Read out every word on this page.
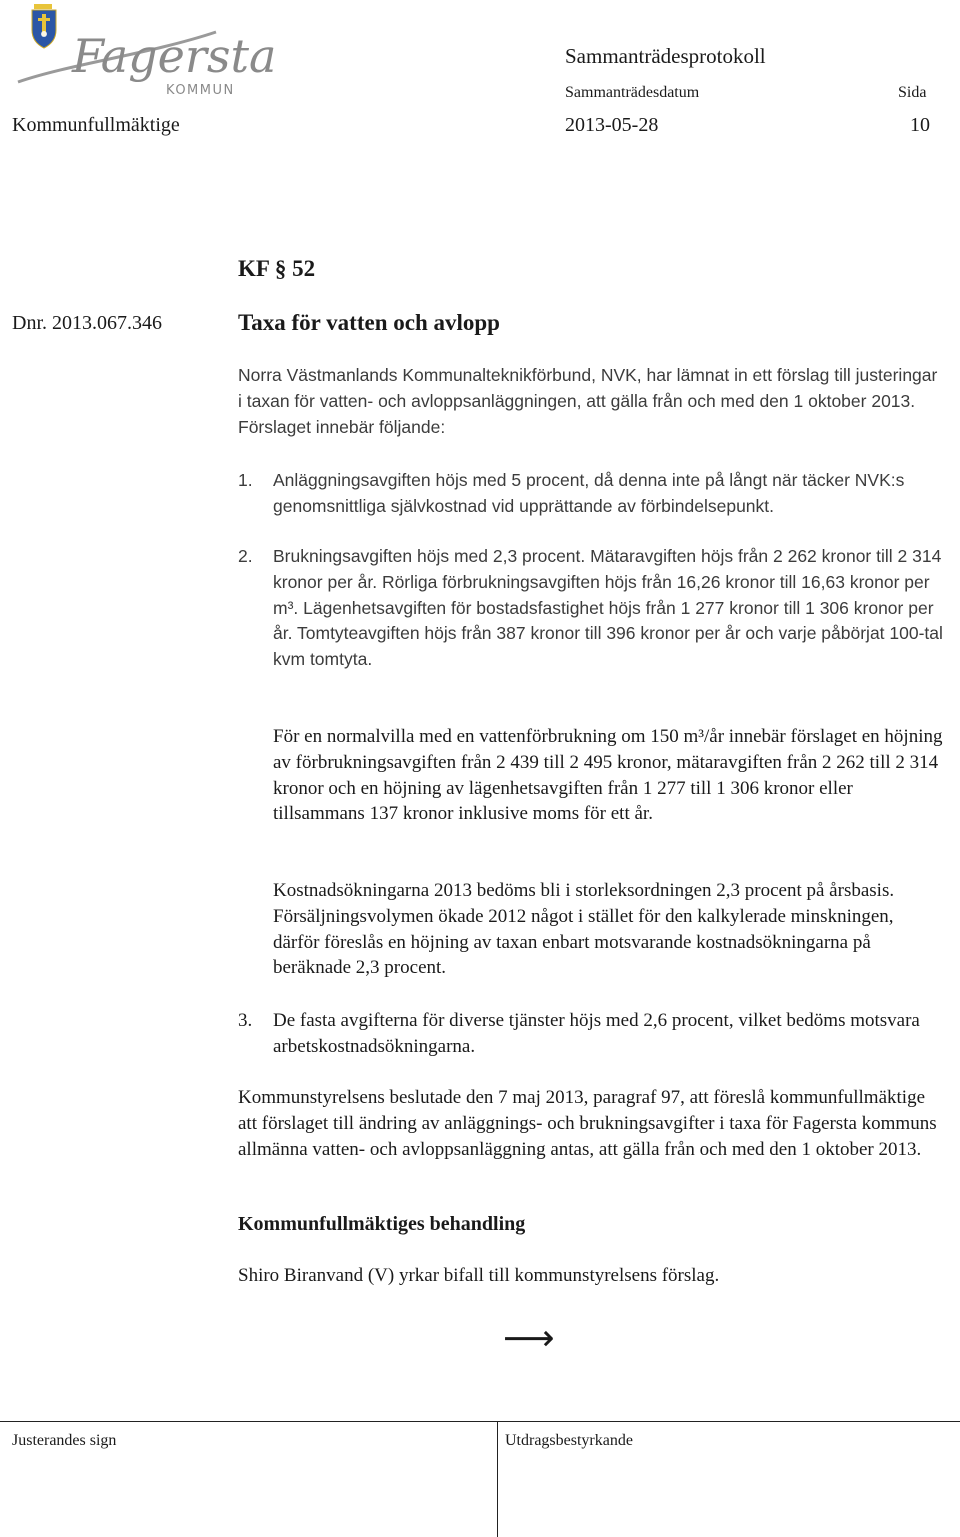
Fagersta
KOMMUN
Sammanträdesprotokoll
Sammanträdesdatum	Sida
Kommunfullmäktige	2013-05-28	10
KF § 52
Dnr. 2013.067.346	Taxa för vatten och avlopp
Norra Västmanlands Kommunalteknikförbund, NVK, har lämnat in ett förslag till justeringar i taxan för vatten- och avloppsanläggningen, att gälla från och med den 1 oktober 2013. Förslaget innebär följande:
1. Anläggningsavgiften höjs med 5 procent, då denna inte på långt när täcker NVK:s genomsnittliga självkostnad vid upprättande av förbindelsepunkt.
2. Brukningsavgiften höjs med 2,3 procent. Mätaravgiften höjs från 2 262 kronor till 2 314 kronor per år. Rörliga förbrukningsavgiften höjs från 16,26 kronor till 16,63 kronor per m³. Lägenhetsavgiften för bostadsfastighet höjs från 1 277 kronor till 1 306 kronor per år. Tomtyteavgiften höjs från 387 kronor till 396 kronor per år och varje påbörjat 100-tal kvm tomtyta.
För en normalvilla med en vattenförbrukning om 150 m³/år innebär förslaget en höjning av förbrukningsavgiften från 2 439 till 2 495 kronor, mätaravgiften från 2 262 till 2 314 kronor och en höjning av lägenhetsavgiften från 1 277 till 1 306 kronor eller tillsammans 137 kronor inklusive moms för ett år.
Kostnadsökningarna 2013 bedöms bli i storleksordningen 2,3 procent på årsbasis. Försäljningsvolymen ökade 2012 något i stället för den kalkylerade minskningen, därför föreslås en höjning av taxan enbart motsvarande kostnadsökningarna på beräknade 2,3 procent.
3. De fasta avgifterna för diverse tjänster höjs med 2,6 procent, vilket bedöms motsvara arbetskostnadsökningarna.
Kommunstyrelsens beslutade den 7 maj 2013, paragraf 97, att föreslå kommunfullmäktige att förslaget till ändring av anläggnings- och brukningsavgifter i taxa för Fagersta kommuns allmänna vatten- och avloppsanläggning antas, att gälla från och med den 1 oktober 2013.
Kommunfullmäktiges behandling
Shiro Biranvand (V) yrkar bifall till kommunstyrelsens förslag.
⟶
Justerandes sign	Utdragsbestyrkande
